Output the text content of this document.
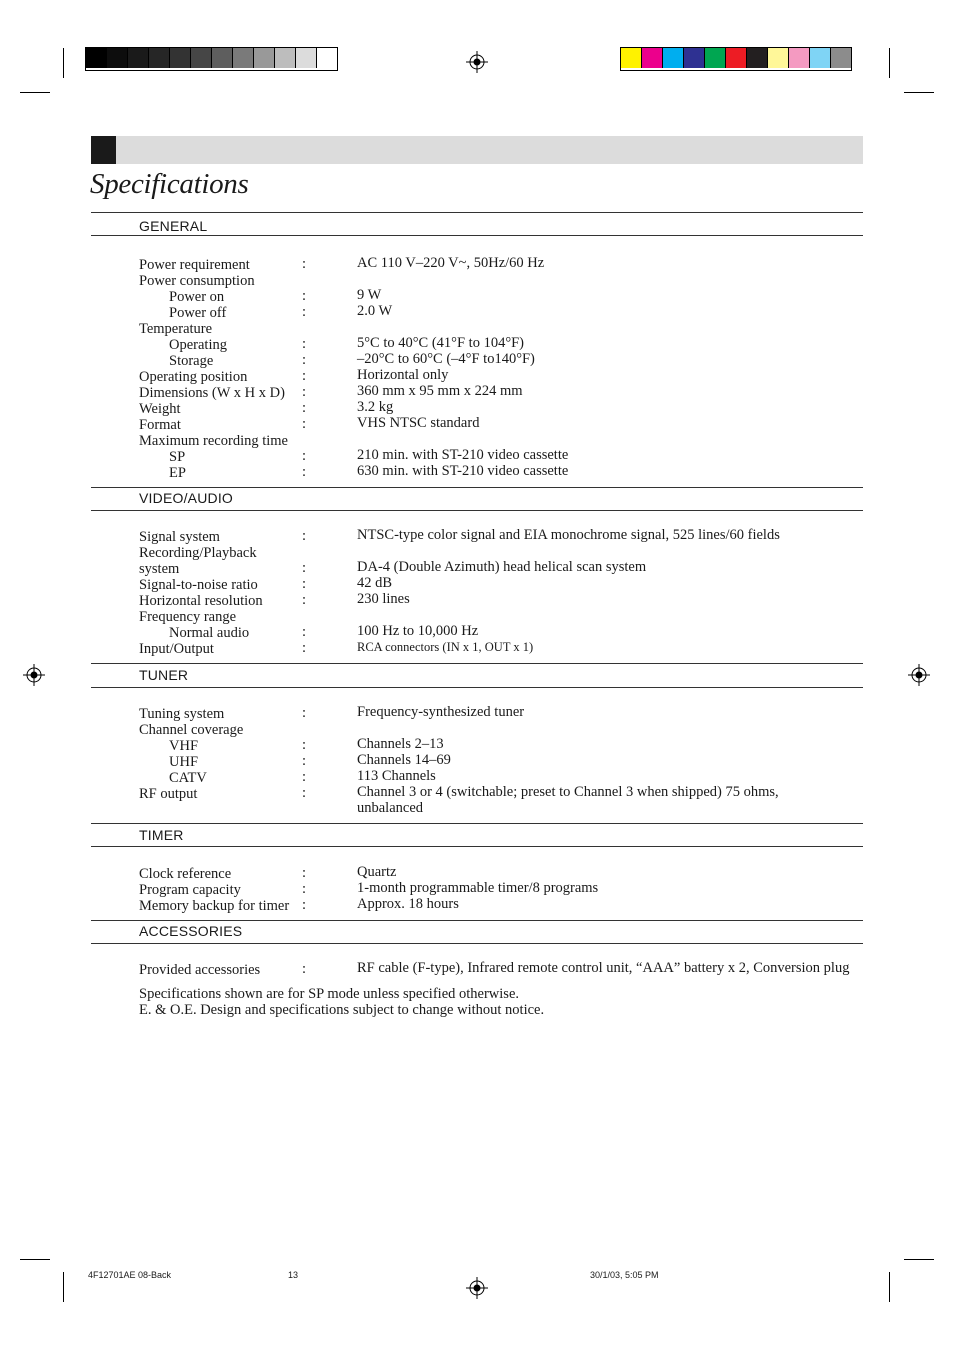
Specifications
GENERAL
Power requirement	:	AC 110 V–220 V~, 50Hz/60 Hz
Power consumption
Power on	:	9 W
Power off	:	2.0 W
Temperature
Operating	:	5°C to 40°C (41°F to 104°F)
Storage	:	–20°C to 60°C (–4°F to140°F)
Operating position	:	Horizontal only
Dimensions (W x H x D) :	360 mm x 95 mm x 224 mm
Weight	:	3.2 kg
Format	:	VHS NTSC standard
Maximum recording time
SP	:	210 min. with ST-210 video cassette
EP	:	630 min. with ST-210 video cassette
VIDEO/AUDIO
Signal system	:	NTSC-type color signal and EIA monochrome signal, 525 lines/60 fields
Recording/Playback
system	:	DA-4 (Double Azimuth) head helical scan system
Signal-to-noise ratio	:	42 dB
Horizontal resolution	:	230 lines
Frequency range
Normal audio	:	100 Hz to 10,000 Hz
Input/Output	:	RCA connectors (IN x 1, OUT x 1)
TUNER
Tuning system	:	Frequency-synthesized tuner
Channel coverage
VHF	:	Channels 2–13
UHF	:	Channels 14–69
CATV	:	113 Channels
RF output	:	Channel 3 or 4 (switchable; preset to Channel 3 when shipped) 75 ohms,
unbalanced
TIMER
Clock reference	:	Quartz
Program capacity	:	1-month programmable timer/8 programs
Memory backup for timer :	Approx. 18 hours
ACCESSORIES
Provided accessories	:	RF cable (F-type), Infrared remote control unit, “AAA” battery x 2, Conversion plug
Specifications shown are for SP mode unless specified otherwise.
E. & O.E. Design and specifications subject to change without notice.
4F12701AE 08-Back	13	30/1/03, 5:05 PM
